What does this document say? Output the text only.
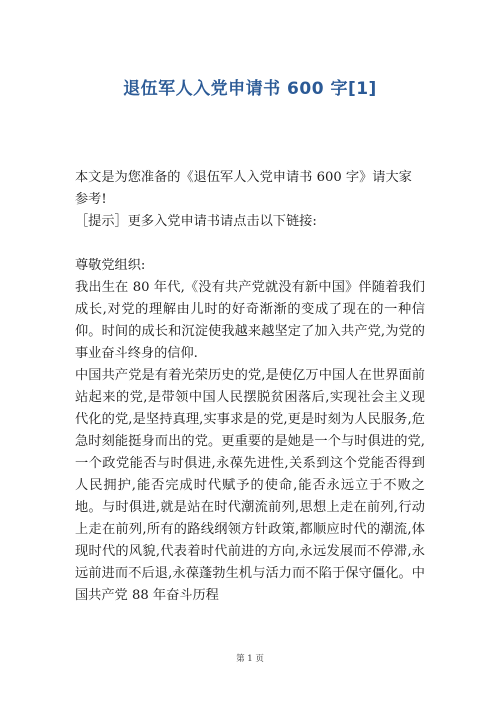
退伍军人入党申请书 600 字[1]

本文是为您准备的《退伍军人入党申请书 600 字》请大家参考!

［提示］更多入党申请书请点击以下链接:

尊敬党组织:

我出生在 80 年代,《没有共产党就没有新中国》伴随着我们成长,对党的理解由儿时的好奇渐渐的变成了现在的一种信仰。时间的成长和沉淀使我越来越坚定了加入共产党,为党的事业奋斗终身的信仰.

中国共产党是有着光荣历史的党,是使亿万中国人在世界面前站起来的党,是带领中国人民摆脱贫困落后,实现社会主义现代化的党,是坚持真理,实事求是的党,更是时刻为人民服务,危急时刻能挺身而出的党。更重要的是她是一个与时俱进的党,一个政党能否与时俱进,永葆先进性,关系到这个党能否得到人民拥护,能否完成时代赋予的使命,能否永远立于不败之地。与时俱进,就是站在时代潮流前列,思想上走在前列,行动上走在前列,所有的路线纲领方针政策,都顺应时代的潮流,体现时代的风貌,代表着时代前进的方向,永远发展而不停滞,永远前进而不后退,永葆蓬勃生机与活力而不陷于保守僵化。中国共产党 88 年奋斗历程

第 1 页
